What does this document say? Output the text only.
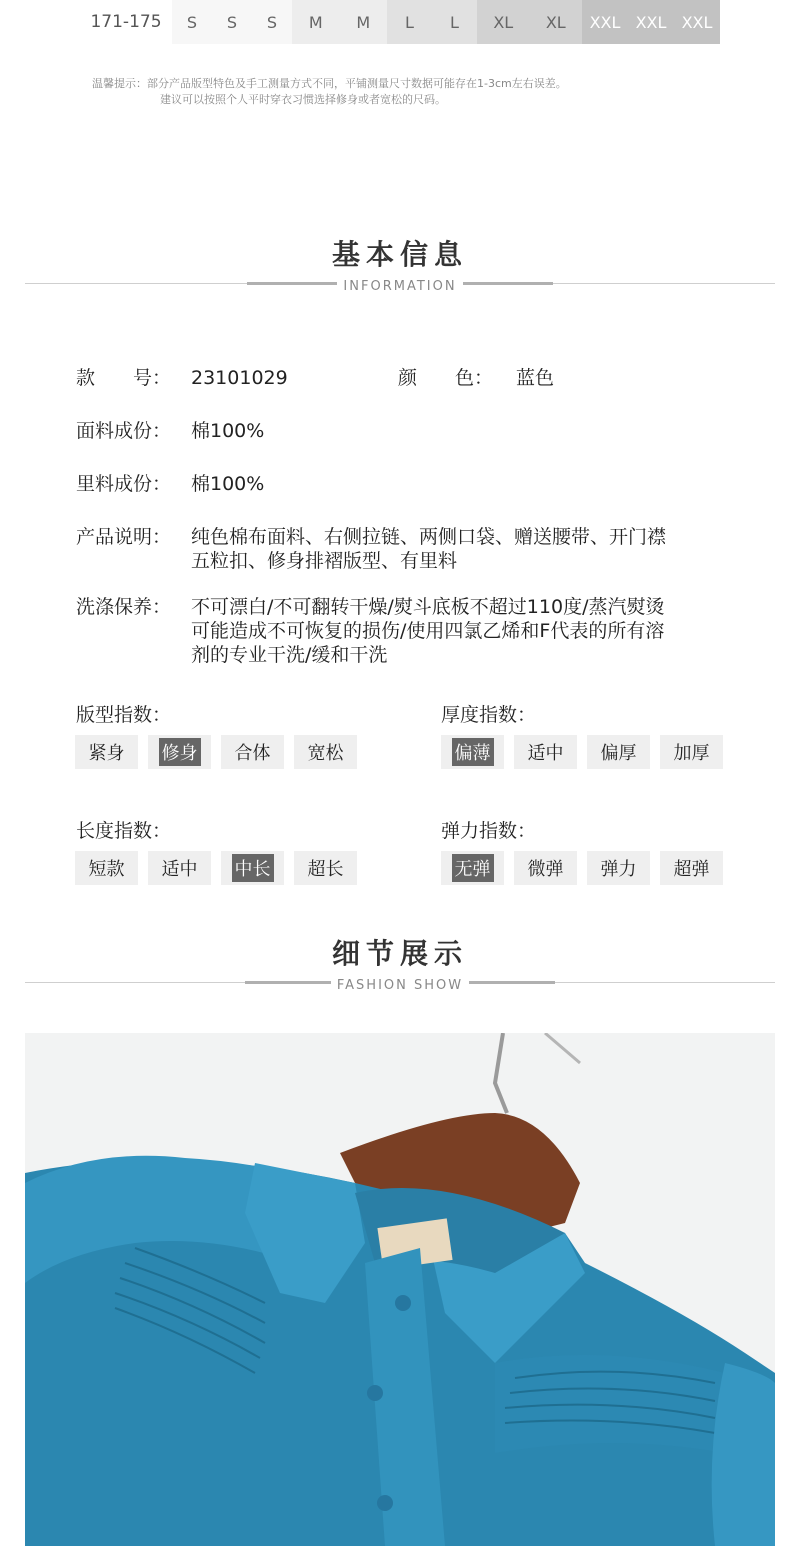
171-175	S	S	S	M	M	L	L	XL	XL	XXL XXL XXL
温馨提示：部分产品版型特色及手工测量方式不同，平铺测量尺寸数据可能存在1-3cm左右误差。
建议可以按照个人平时穿衣习惯选择修身或者宽松的尺码。
基本信息
INFORMATION
款　　号： 23101029	颜　　色： 蓝色
面料成份： 棉100%
里料成份： 棉100%
产品说明： 纯色棉布面料、右侧拉链、两侧口袋、赠送腰带、开门襟
五粒扣、修身排褶版型、有里料
洗涤保养： 不可漂白/不可翻转干燥/熨斗底板不超过110度/蒸汽熨烫
可能造成不可恢复的损伤/使用四氯乙烯和F代表的所有溶
剂的专业干洗/缓和干洗
版型指数：
紧身 修身 合体 宽松
厚度指数：
偏薄 适中 偏厚 加厚
长度指数：
短款 适中 中长 超长
弹力指数：
无弹 微弹 弹力 超弹
细节展示
FASHION SHOW
